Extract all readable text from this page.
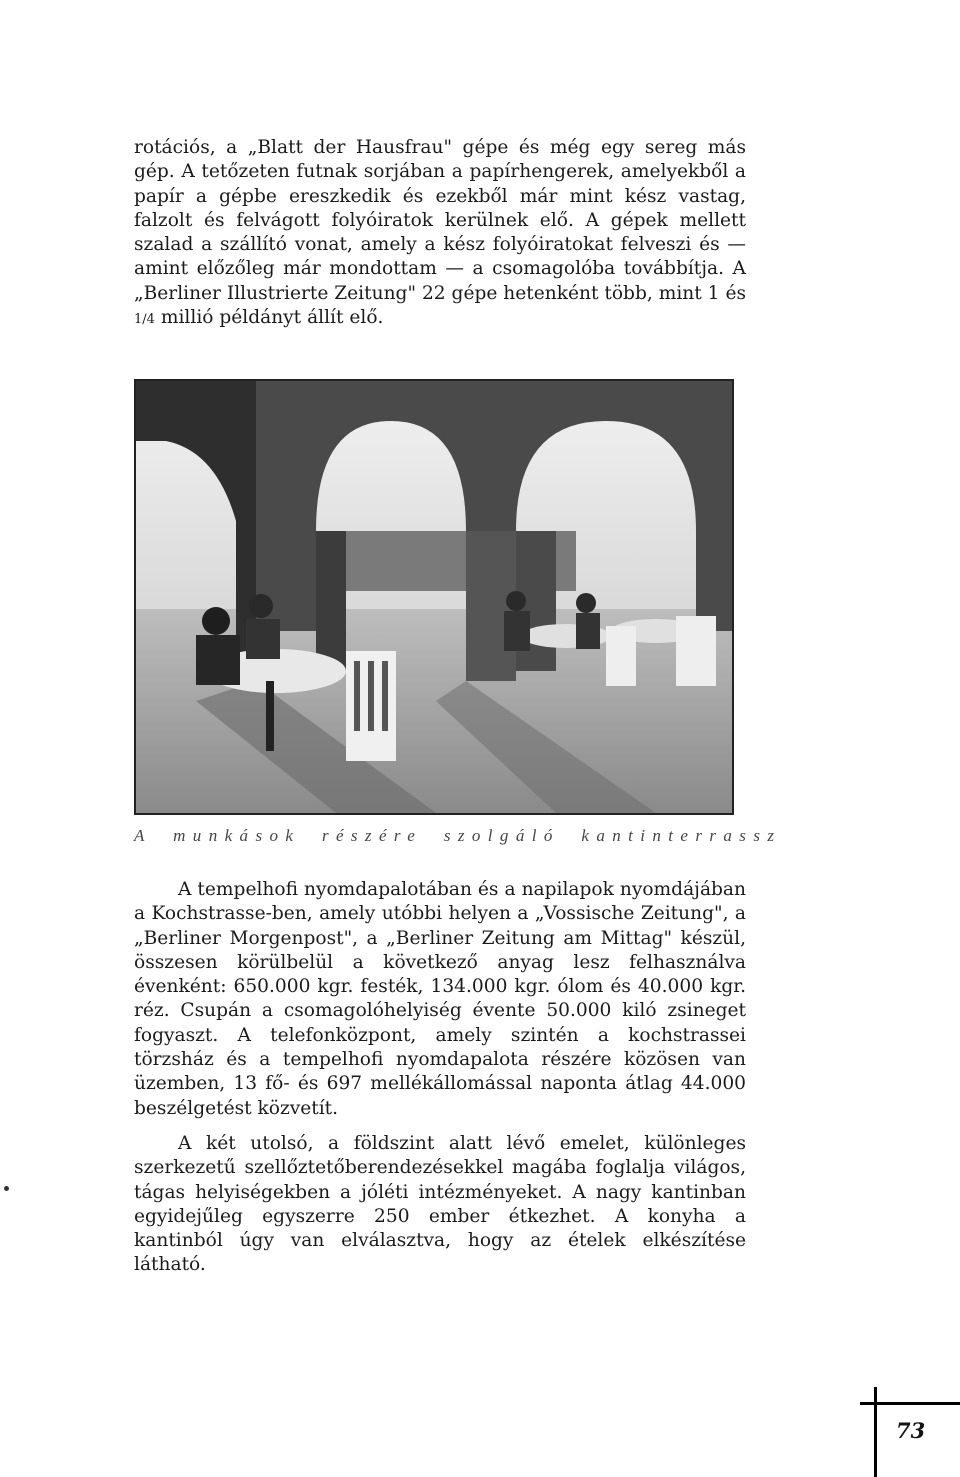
rotációs, a „Blatt der Hausfrau" gépe és még egy sereg más gép. A tetőzeten futnak sorjában a papírhengerek, amelyekből a papír a gépbe ereszkedik és ezekből már mint kész vastag, falzolt és felvágott folyóiratok kerülnek elő. A gépek mellett szalad a szállító vonat, amely a kész folyóiratokat felveszi és — amint előzőleg már mondottam — a csomagolóba továbbítja. A „Berliner Illustrierte Zeitung" 22 gépe hetenként több, mint 1 és 1/4 millió példányt állít elő.

A munkások részére szolgáló kantinterrassz

A tempelhofi nyomdapalotában és a napilapok nyomdájában a Kochstrasse-ben, amely utóbbi helyen a „Vossische Zeitung", a „Berliner Morgenpost", a „Berliner Zeitung am Mittag" készül, összesen körülbelül a következő anyag lesz felhasználva évenként: 650.000 kgr. festék, 134.000 kgr. ólom és 40.000 kgr. réz. Csupán a csomagolóhelyiség évente 50.000 kiló zsineget fogyaszt. A telefonközpont, amely szintén a kochstrassei törzsház és a tempelhofi nyomdapalota részére közösen van üzemben, 13 fő- és 697 mellékállomással naponta átlag 44.000 beszélgetést közvetít.

A két utolsó, a földszint alatt lévő emelet, különleges szerkezetű szellőztetőberendezésekkel magába foglalja világos, tágas helyiségekben a jóléti intézményeket. A nagy kantinban egyidejűleg egyszerre 250 ember étkezhet. A konyha a kantinból úgy van elválasztva, hogy az ételek elkészítése látható.

73
